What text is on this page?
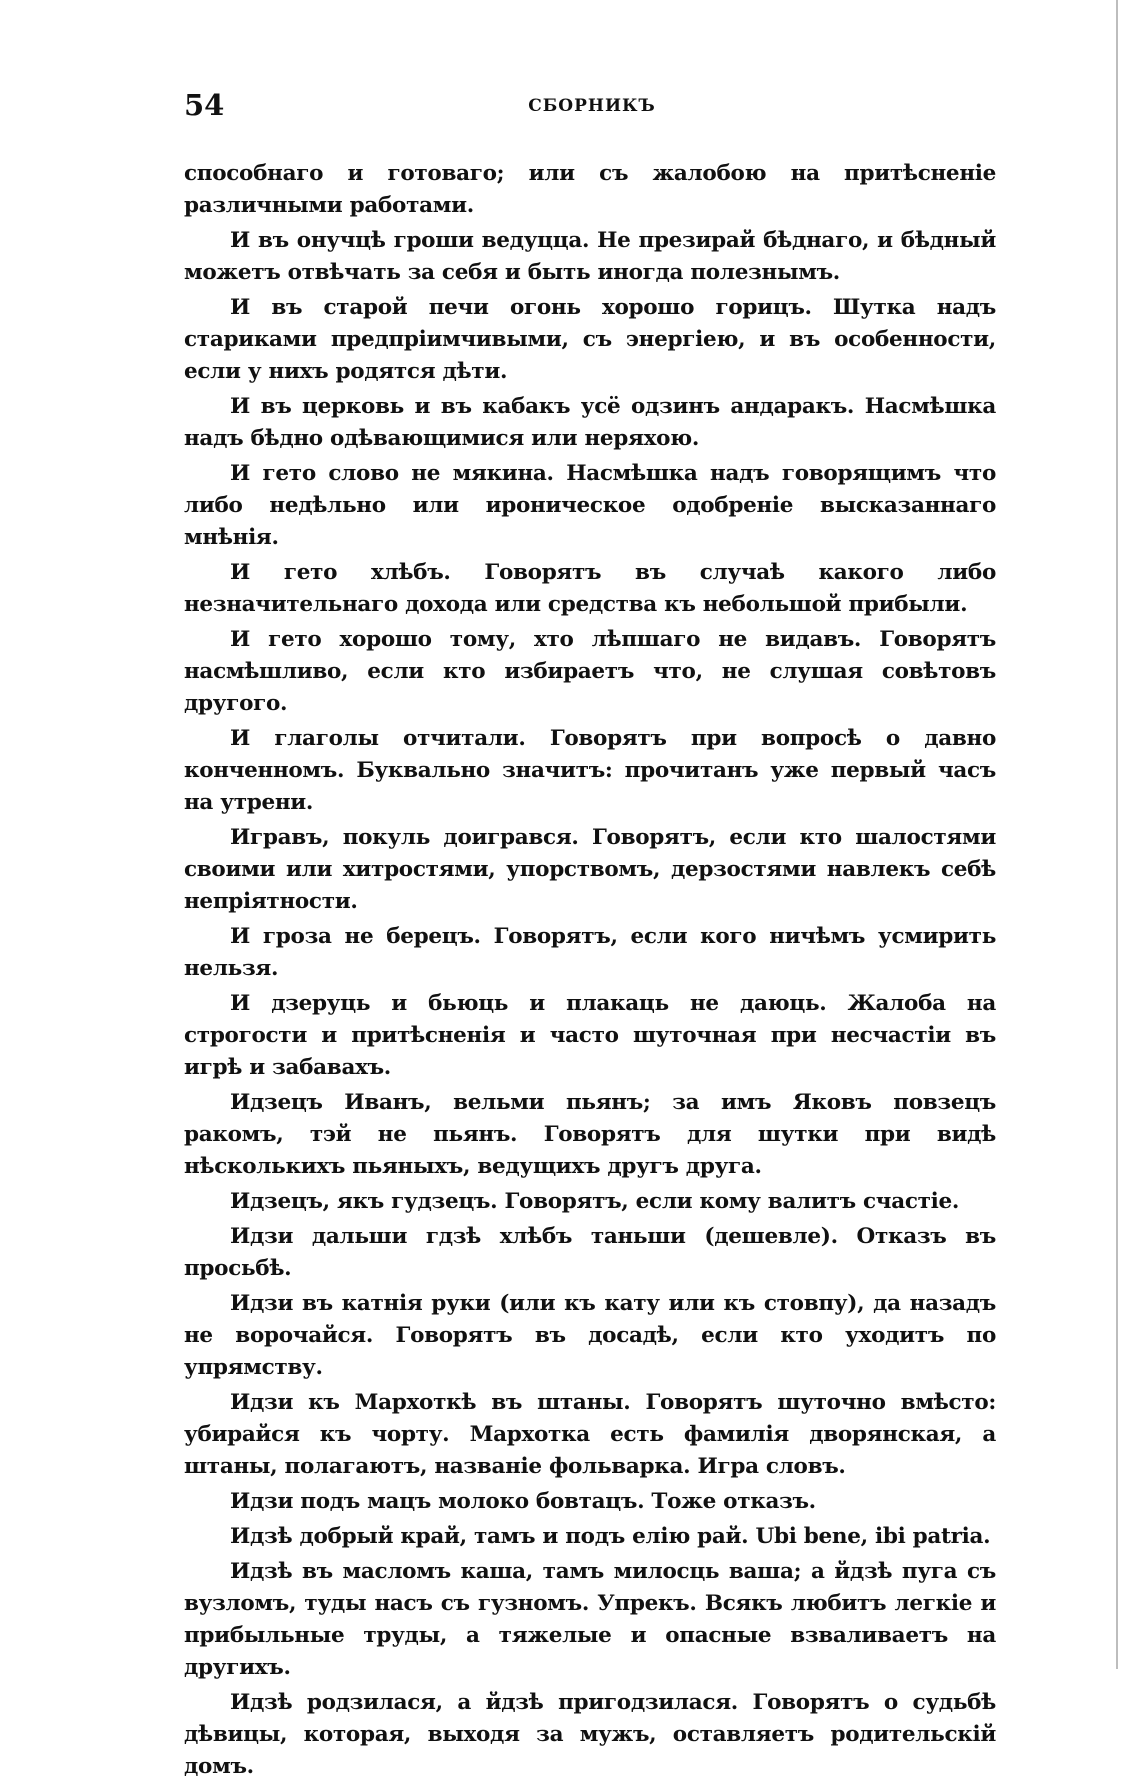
54	СБОРНИКЪ

способнаго и готоваго; или съ жалобою на притѣсненіе различными работами.

И въ онучцѣ гроши ведуцца. Не презирай бѣднаго, и бѣдный можетъ отвѣчать за себя и быть иногда полезнымъ.

И въ старой печи огонь хорошо горицъ. Шутка надъ стариками предпріимчивыми, съ энергіею, и въ особенности, если у нихъ родятся дѣти.

И въ церковь и въ кабакъ усё одзинъ андаракъ. Насмѣшка надъ бѣдно одѣвающимися или неряхою.

И гето слово не мякина. Насмѣшка надъ говорящимъ что либо недѣльно или ироническое одобреніе высказаннаго мнѣнія.

И гето хлѣбъ. Говорятъ въ случаѣ какого либо незначительнаго дохода или средства къ небольшой прибыли.

И гето хорошо тому, хто лѣпшаго не видавъ. Говорятъ насмѣшливо, если кто избираетъ что, не слушая совѣтовъ другого.

И глаголы отчитали. Говорятъ при вопросѣ о давно конченномъ. Буквально значитъ: прочитанъ уже первый часъ на утрени.

Игравъ, покуль доигрався. Говорятъ, если кто шалостями своими или хитростями, упорствомъ, дерзостями навлекъ себѣ непріятности.

И гроза не берецъ. Говорятъ, если кого ничѣмъ усмирить нельзя.

И дзеруць и бьюць и плакаць не даюць. Жалоба на строгости и притѣсненія и часто шуточная при несчастіи въ игрѣ и забавахъ.

Идзецъ Иванъ, вельми пьянъ; за имъ Яковъ повзецъ ракомъ, тэй не пьянъ. Говорятъ для шутки при видѣ нѣсколькихъ пьяныхъ, ведущихъ другъ друга.

Идзецъ, якъ гудзецъ. Говорятъ, если кому валитъ счастіе.

Идзи дальши гдзѣ хлѣбъ таньши (дешевле). Отказъ въ просьбѣ.

Идзи въ катнія руки (или къ кату или къ стовпу), да назадъ не ворочайся. Говорятъ въ досадѣ, если кто уходитъ по упрямству.

Идзи къ Мархоткѣ въ штаны. Говорятъ шуточно вмѣсто: убирайся къ чорту. Мархотка есть фамилія дворянская, а штаны, полагаютъ, названіе фольварка. Игра словъ.

Идзи подъ мацъ молоко бовтацъ. Тоже отказъ.

Идзѣ добрый край, тамъ и подъ елію рай. Ubi bene, ibi patria.

Идзѣ въ масломъ каша, тамъ милосць ваша; а йдзѣ пуга съ вузломъ, туды насъ съ гузномъ. Упрекъ. Всякъ любитъ легкіе и прибыльные труды, а тяжелые и опасные взваливаетъ на другихъ.

Идзѣ родзилася, а йдзѣ пригодзилася. Говорятъ о судьбѣ дѣвицы, которая, выходя за мужъ, оставляетъ родительскій домъ.
